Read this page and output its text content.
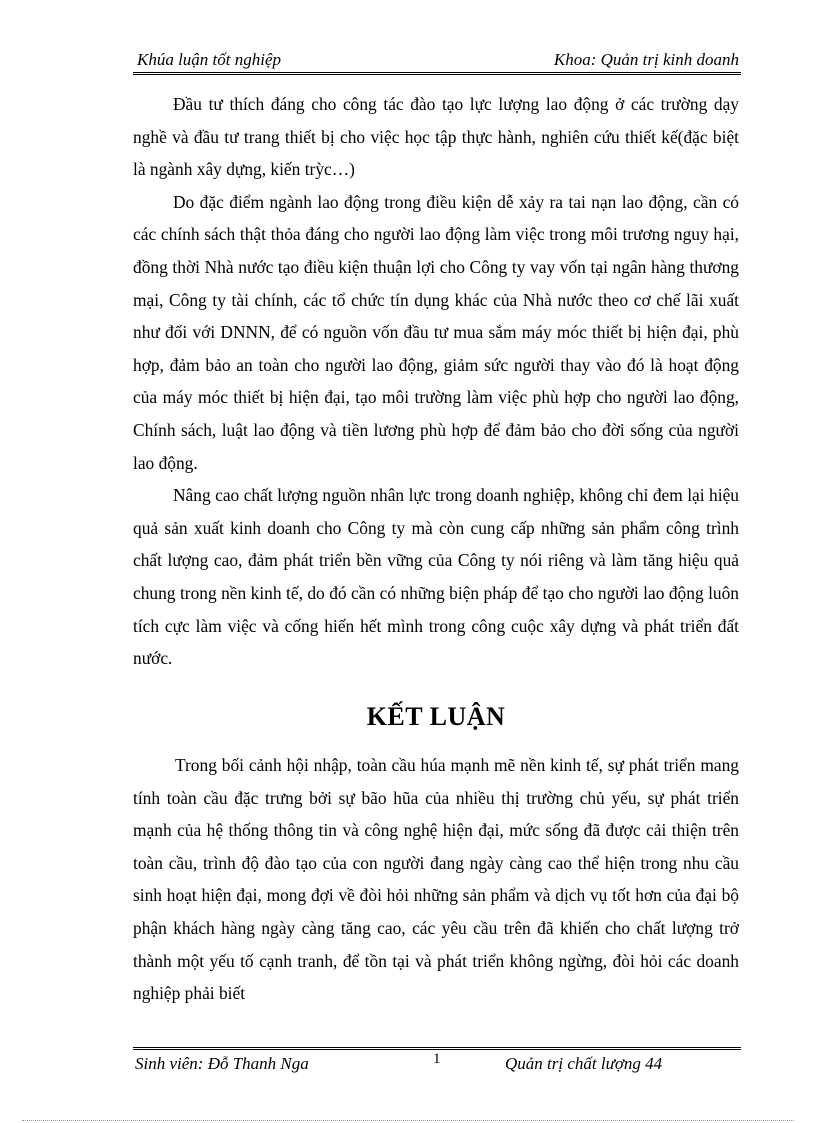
Khúa luận tốt nghiệp	Khoa: Quản trị kinh doanh

Đầu tư thích đáng cho công tác đào tạo lực lượng lao động ở các trường dạy nghề và đầu tư trang thiết bị cho việc học tập thực hành, nghiên cứu thiết kế(đặc biệt là ngành xây dựng, kiến trỳc…)

Do đặc điểm ngành lao động trong điều kiện dễ xảy ra tai nạn lao động, cần có các chính sách thật thỏa đáng cho người lao động làm việc trong môi trương nguy hại, đồng thời Nhà nước tạo điều kiện thuận lợi cho Công ty vay vốn tại ngân hàng thương mại, Công ty tài chính, các tổ chức tín dụng khác của Nhà nước theo cơ chế lãi xuất như đối với DNNN, để có nguồn vốn đầu tư mua sắm máy móc thiết bị hiện đại, phù hợp, đảm bảo an toàn cho người lao động, giảm sức người thay vào đó là hoạt động của máy móc thiết bị hiện đại, tạo môi trường làm việc phù hợp cho người lao động, Chính sách, luật lao động và tiền lương phù hợp để đảm bảo cho đời sống của người lao động.

Nâng cao chất lượng nguồn nhân lực trong doanh nghiệp, không chỉ đem lại hiệu quả sản xuất kinh doanh cho Công ty mà còn cung cấp những sản phẩm công trình chất lượng cao, đảm phát triển bền vững của Công ty nói riêng và làm tăng hiệu quả chung trong nền kinh tế, do đó cần có những biện pháp để tạo cho người lao động luôn tích cực làm việc và cống hiến hết mình trong công cuộc xây dựng và phát triển đất nước.

KẾT LUẬN

Trong bối cảnh hội nhập, toàn cầu húa mạnh mẽ nền kinh tế, sự phát triển mang tính toàn cầu đặc trưng bởi sự bão hũa của nhiều thị trường chủ yếu, sự phát triển mạnh của hệ thống thông tin và công nghệ hiện đại, mức sống đã được cải thiện trên toàn cầu, trình độ đào tạo của con người đang ngày càng cao thể hiện trong nhu cầu sinh hoạt hiện đại, mong đợi về đòi hỏi những sản phẩm và dịch vụ tốt hơn của đại bộ phận khách hàng ngày càng tăng cao, các yêu cầu trên đã khiến cho chất lượng trở thành một yếu tố cạnh tranh, để tồn tại và phát triển không ngừng, đòi hỏi các doanh nghiệp phải biết

Sinh viên: Đỗ Thanh Nga	1	Quản trị chất lượng 44
